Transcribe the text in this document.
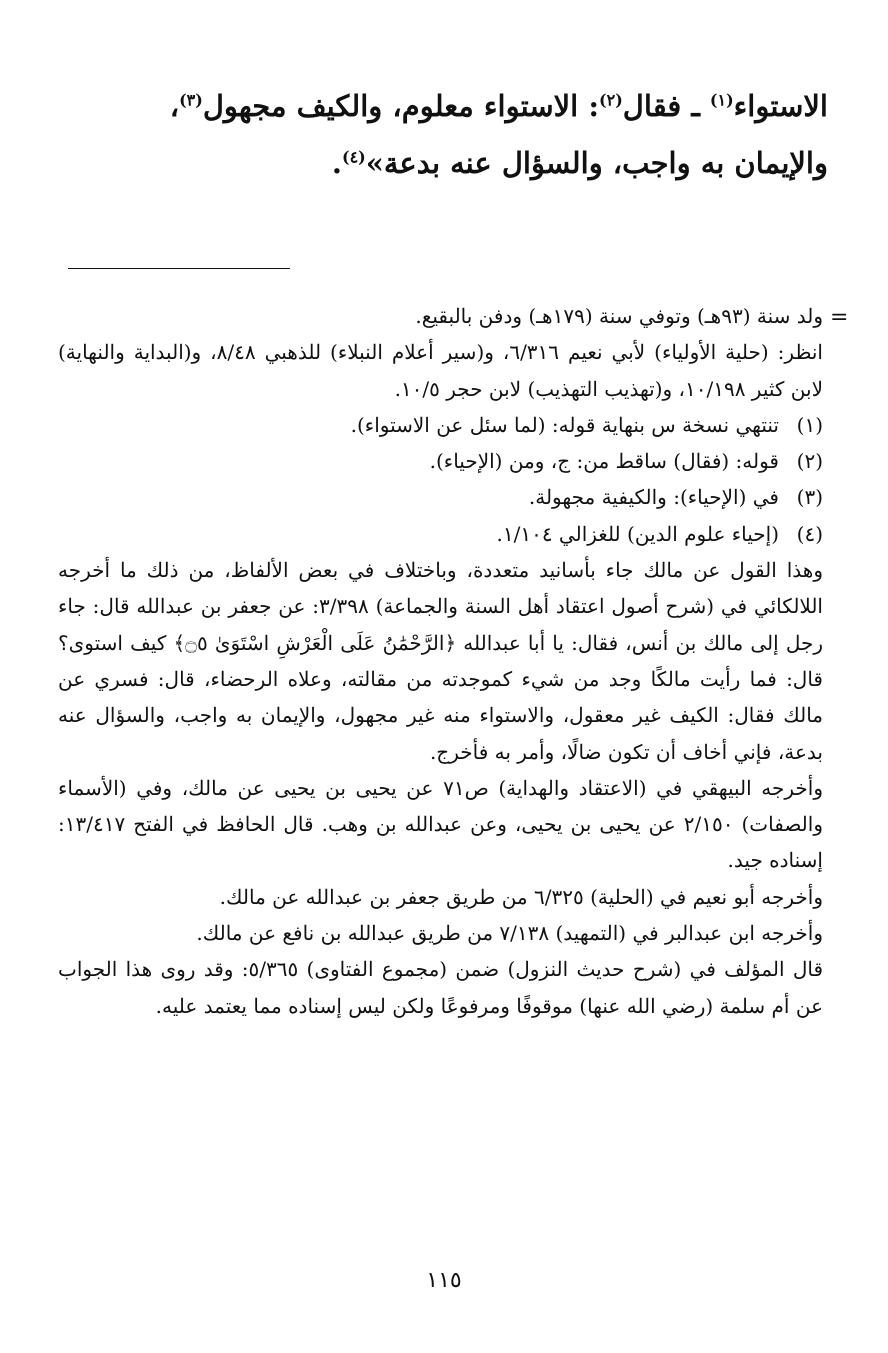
الاستواء$^{(١)}$ ـ فقال$^{(٢)}$: الاستواء معلوم، والكيف مجهول$^{(٣)}$،

والإيمان به واجب، والسؤال عنه بدعة»$^{(٤)}$.

=

ولد سنة (٩٣هـ) وتوفي سنة (١٧٩هـ) ودفن بالبقيع.

انظر: (حلية الأولياء) لأبي نعيم ٦/٣١٦، و(سير أعلام النبلاء) للذهبي ٨/٤٨، و(البداية والنهاية) لابن كثير ١٠/١٩٨، و(تهذيب التهذيب) لابن حجر ١٠/٥.

(١)
تنتهي نسخة س بنهاية قوله: (لما سئل عن الاستواء).
(٢)
قوله: (فقال) ساقط من: ج، ومن (الإحياء).
(٣)
في (الإحياء): والكيفية مجهولة.
(٤)
(إحياء علوم الدين) للغزالي ١/١٠٤.

وهذا القول عن مالك جاء بأسانيد متعددة، وباختلاف في بعض الألفاظ، من ذلك ما أخرجه اللالكائي في (شرح أصول اعتقاد أهل السنة والجماعة) ٣/٣٩٨: عن جعفر بن عبدالله قال: جاء رجل إلى مالك بن أنس، فقال: يا أبا عبدالله ﴿الرَّحْمَٰنُ عَلَى الْعَرْشِ اسْتَوَىٰ ۝٥﴾ كيف استوى؟ قال: فما رأيت مالكًا وجد من شيء كموجدته من مقالته، وعلاه الرحضاء، قال: فسري عن مالك فقال: الكيف غير معقول، والاستواء منه غير مجهول، والإيمان به واجب، والسؤال عنه بدعة، فإني أخاف أن تكون ضالًا، وأمر به فأخرج.

وأخرجه البيهقي في (الاعتقاد والهداية) ص٧١ عن يحيى بن يحيى عن مالك، وفي (الأسماء والصفات) ٢/١٥٠ عن يحيى بن يحيى، وعن عبدالله بن وهب. قال الحافظ في الفتح ١٣/٤١٧: إسناده جيد.

وأخرجه أبو نعيم في (الحلية) ٦/٣٢٥ من طريق جعفر بن عبدالله عن مالك.

وأخرجه ابن عبدالبر في (التمهيد) ٧/١٣٨ من طريق عبدالله بن نافع عن مالك.

قال المؤلف في (شرح حديث النزول) ضمن (مجموع الفتاوى) ٥/٣٦٥: وقد روى هذا الجواب عن أم سلمة (رضي الله عنها) موقوفًا ومرفوعًا ولكن ليس إسناده مما يعتمد عليه.

١١٥
